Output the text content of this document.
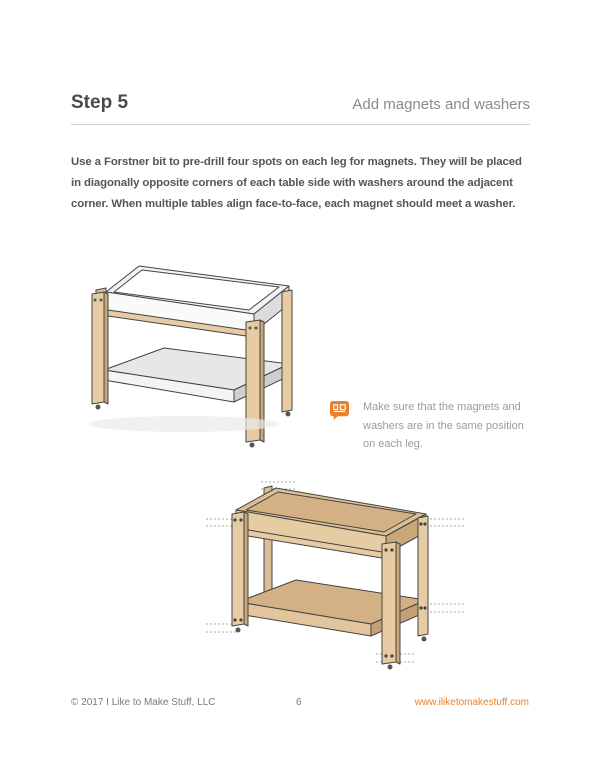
Step 5	Add magnets and washers
Use a Forstner bit to pre-drill four spots on each leg for magnets. They will be placed in diagonally opposite corners of each table side with washers around the adjacent corner. When multiple tables align face-to-face, each magnet should meet a washer.
Make sure that the magnets and washers are in the same position on each leg.
© 2017 I Like to Make Stuff, LLC	6	www.iliketomakestuff.com
